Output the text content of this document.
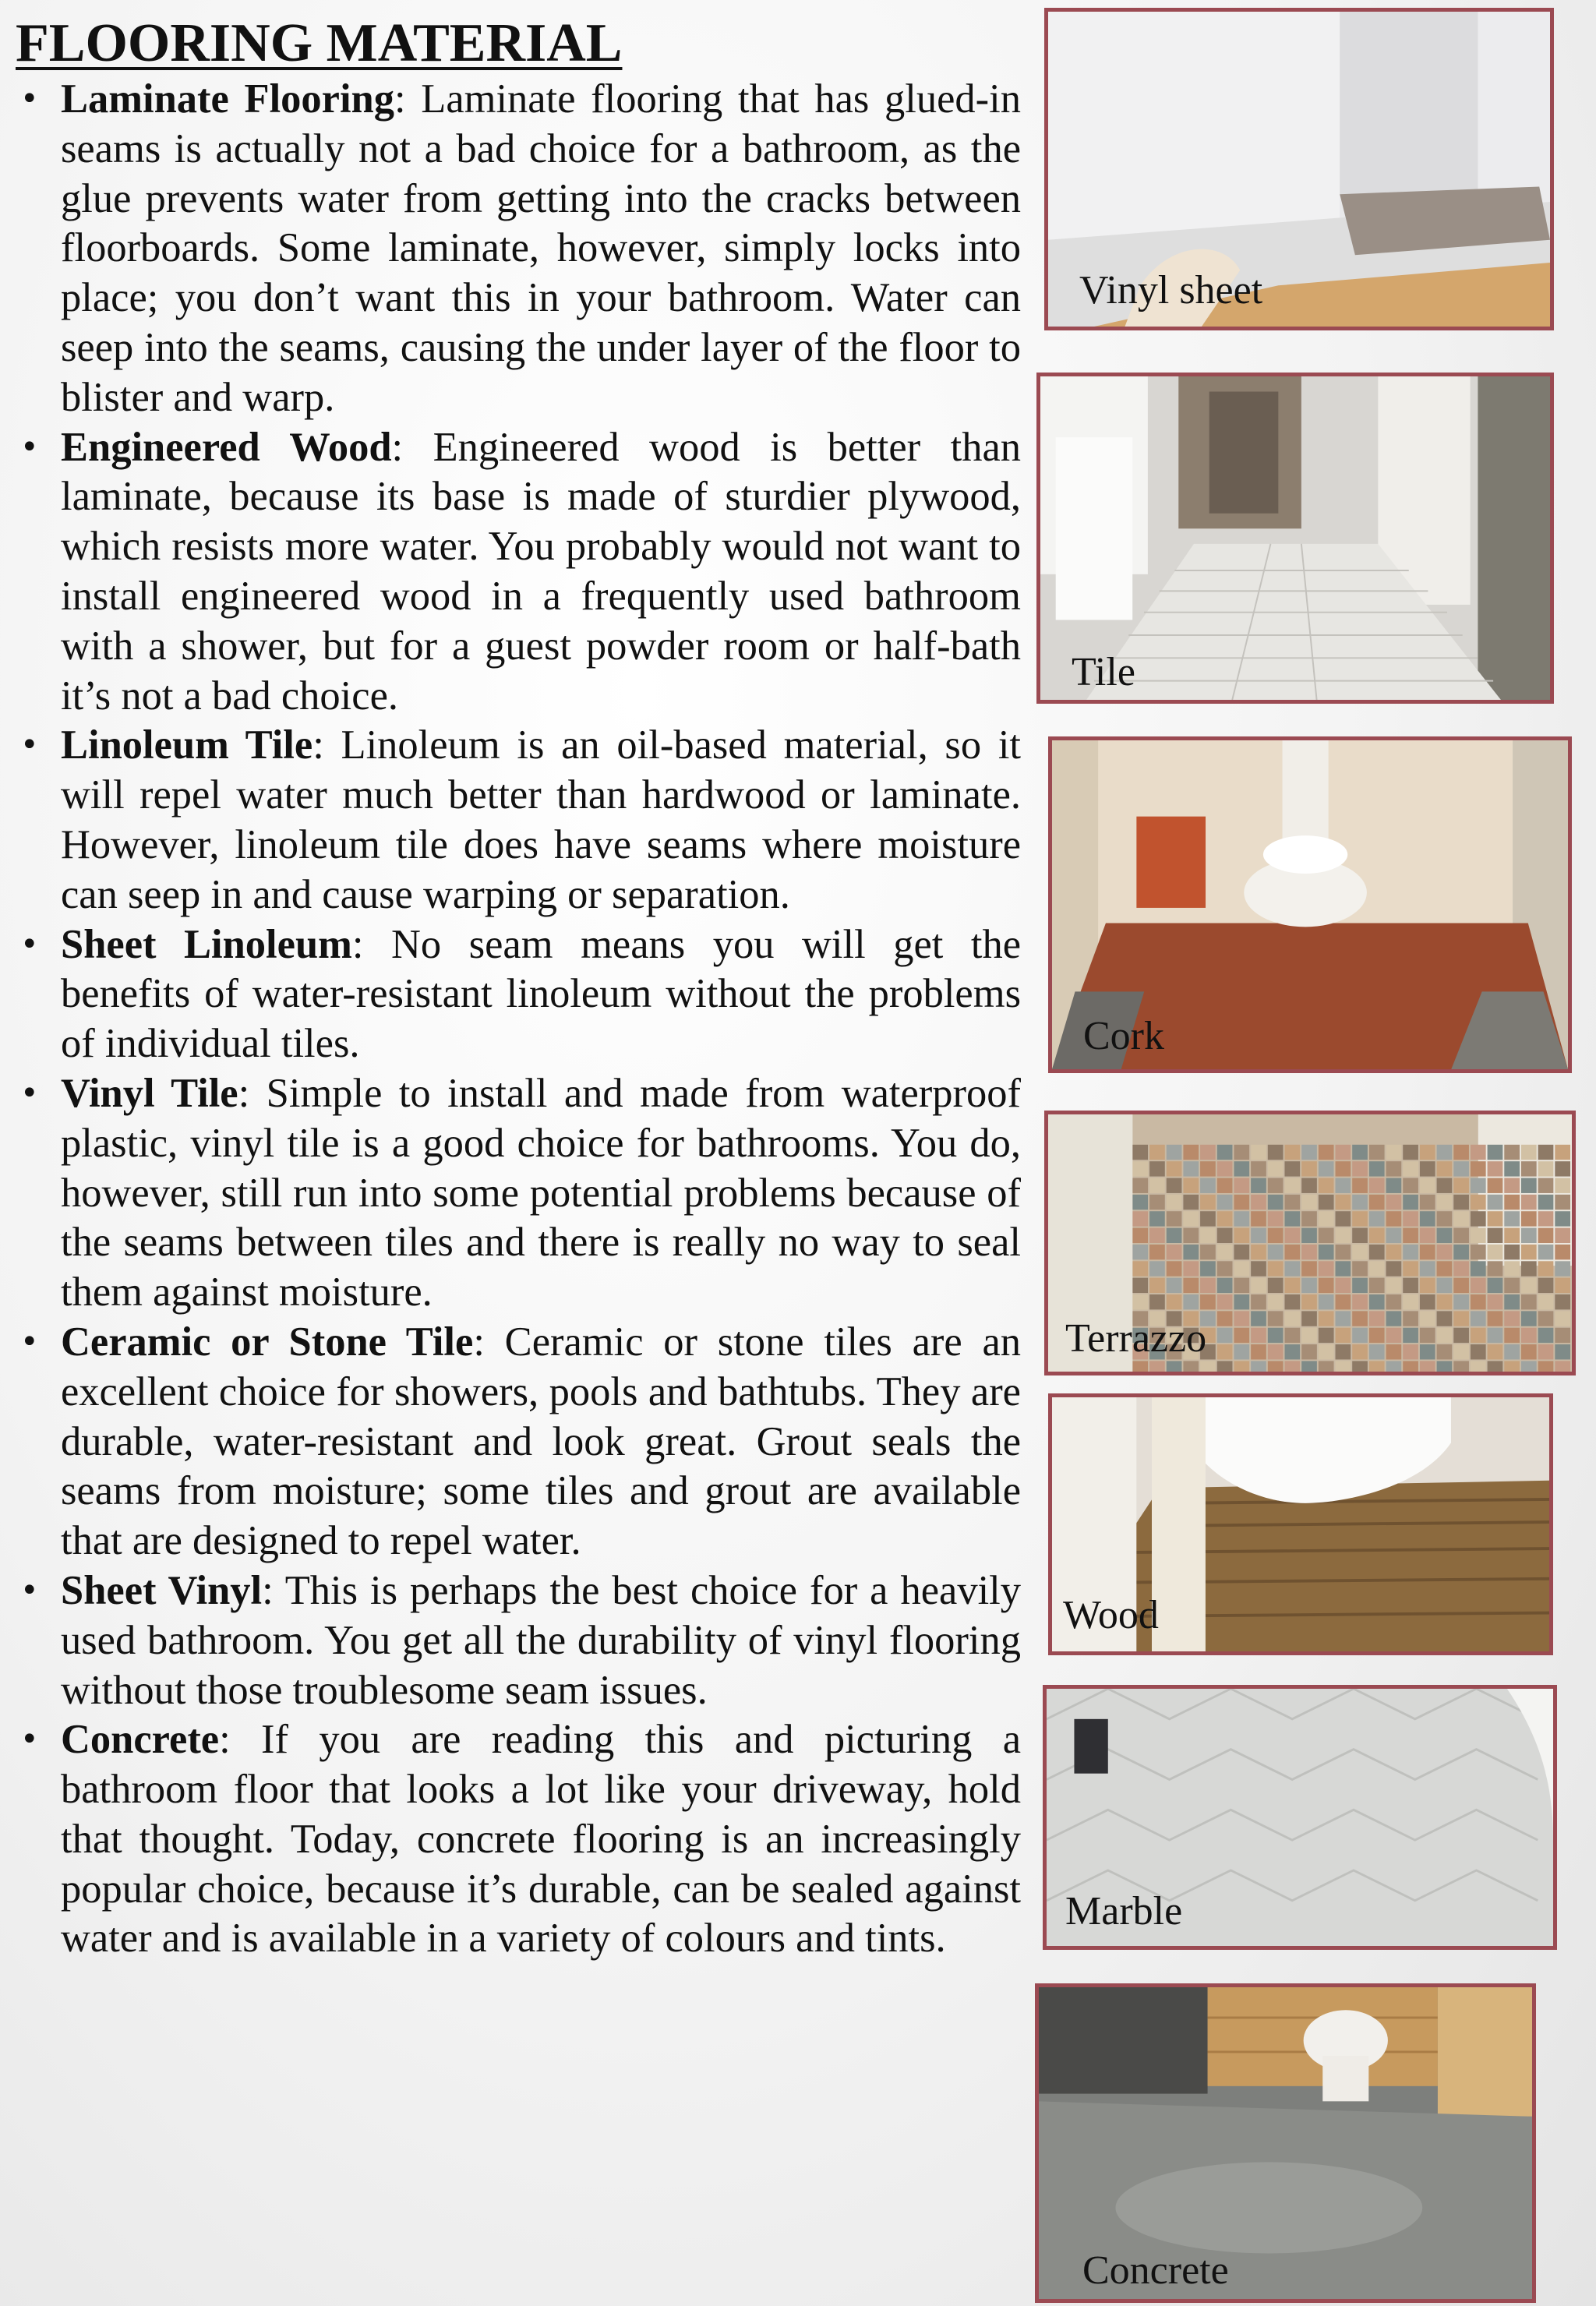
FLOORING MATERIAL
• Laminate Flooring: Laminate flooring that has glued-in seams is actually not a bad choice for a bathroom, as the glue prevents water from getting into the cracks between floorboards. Some laminate, however, simply locks into place; you don’t want this in your bathroom. Water can seep into the seams, causing the under layer of the floor to blister and warp.
• Engineered Wood: Engineered wood is better than laminate, because its base is made of sturdier plywood, which resists more water. You probably would not want to install engineered wood in a frequently used bathroom with a shower, but for a guest powder room or half-bath it’s not a bad choice.
• Linoleum Tile: Linoleum is an oil-based material, so it will repel water much better than hardwood or laminate. However, linoleum tile does have seams where moisture can seep in and cause warping or separation.
• Sheet Linoleum: No seam means you will get the benefits of water-resistant linoleum without the problems of individual tiles.
• Vinyl Tile: Simple to install and made from waterproof plastic, vinyl tile is a good choice for bathrooms. You do, however, still run into some potential problems because of the seams between tiles and there is really no way to seal them against moisture.
• Ceramic or Stone Tile: Ceramic or stone tiles are an excellent choice for showers, pools and bathtubs. They are durable, water-resistant and look great. Grout seals the seams from moisture; some tiles and grout are available that are designed to repel water.
• Sheet Vinyl: This is perhaps the best choice for a heavily used bathroom. You get all the durability of vinyl flooring without those troublesome seam issues.
• Concrete: If you are reading this and picturing a bathroom floor that looks a lot like your driveway, hold that thought. Today, concrete flooring is an increasingly popular choice, because it’s durable, can be sealed against water and is available in a variety of colours and tints.
Vinyl sheet
Tile
Cork
Terrazzo
Wood
Marble
Concrete
